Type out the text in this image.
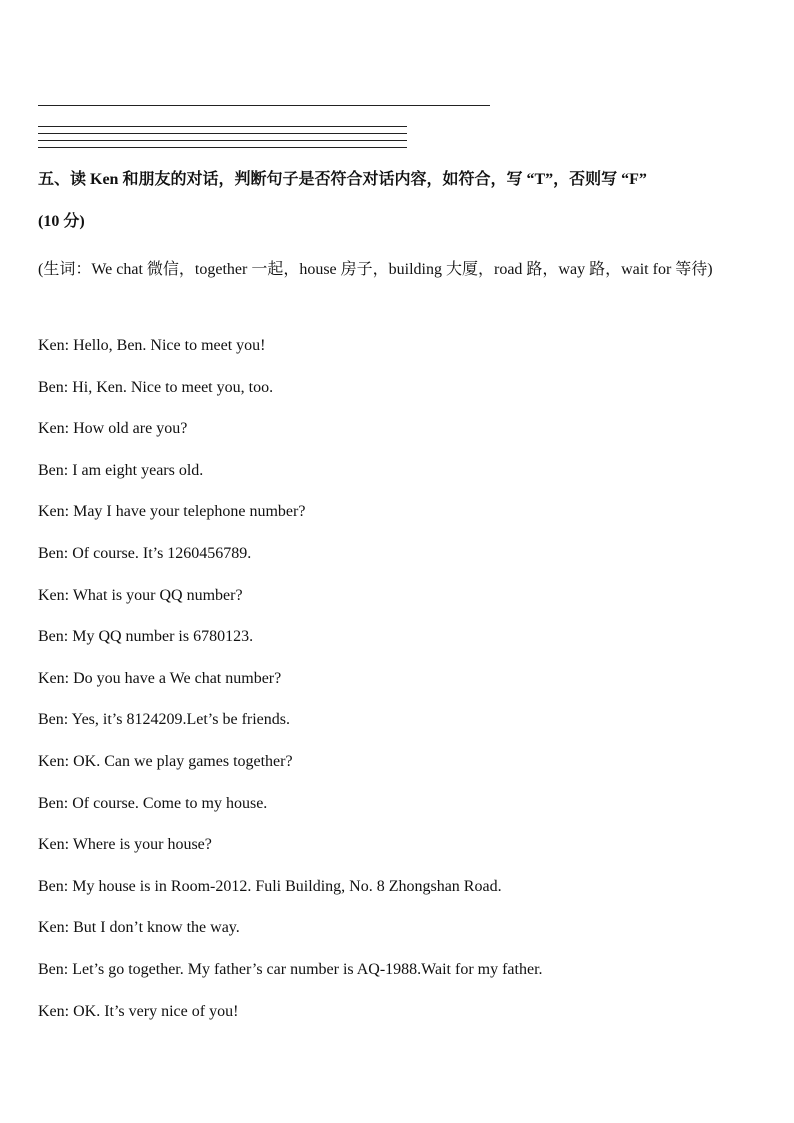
五、读 Ken 和朋友的对话，判断句子是否符合对话内容，如符合，写 “T”，否则写 “F”
(10 分)
(生词：We chat 微信，together 一起，house 房子，building 大厦，road 路，way 路，wait for 等待)
Ken: Hello, Ben. Nice to meet you!
Ben: Hi, Ken. Nice to meet you, too.
Ken: How old are you?
Ben: I am eight years old.
Ken: May I have your telephone number?
Ben: Of course. It’s 1260456789.
Ken: What is your QQ number?
Ben: My QQ number is 6780123.
Ken: Do you have a We chat number?
Ben: Yes, it’s 8124209.Let’s be friends.
Ken: OK. Can we play games together?
Ben: Of course. Come to my house.
Ken: Where is your house?
Ben: My house is in Room-2012. Fuli Building, No. 8 Zhongshan Road.
Ken: But I don’t know the way.
Ben: Let’s go together. My father’s car number is AQ-1988.Wait for my father.
Ken: OK. It’s very nice of you!
